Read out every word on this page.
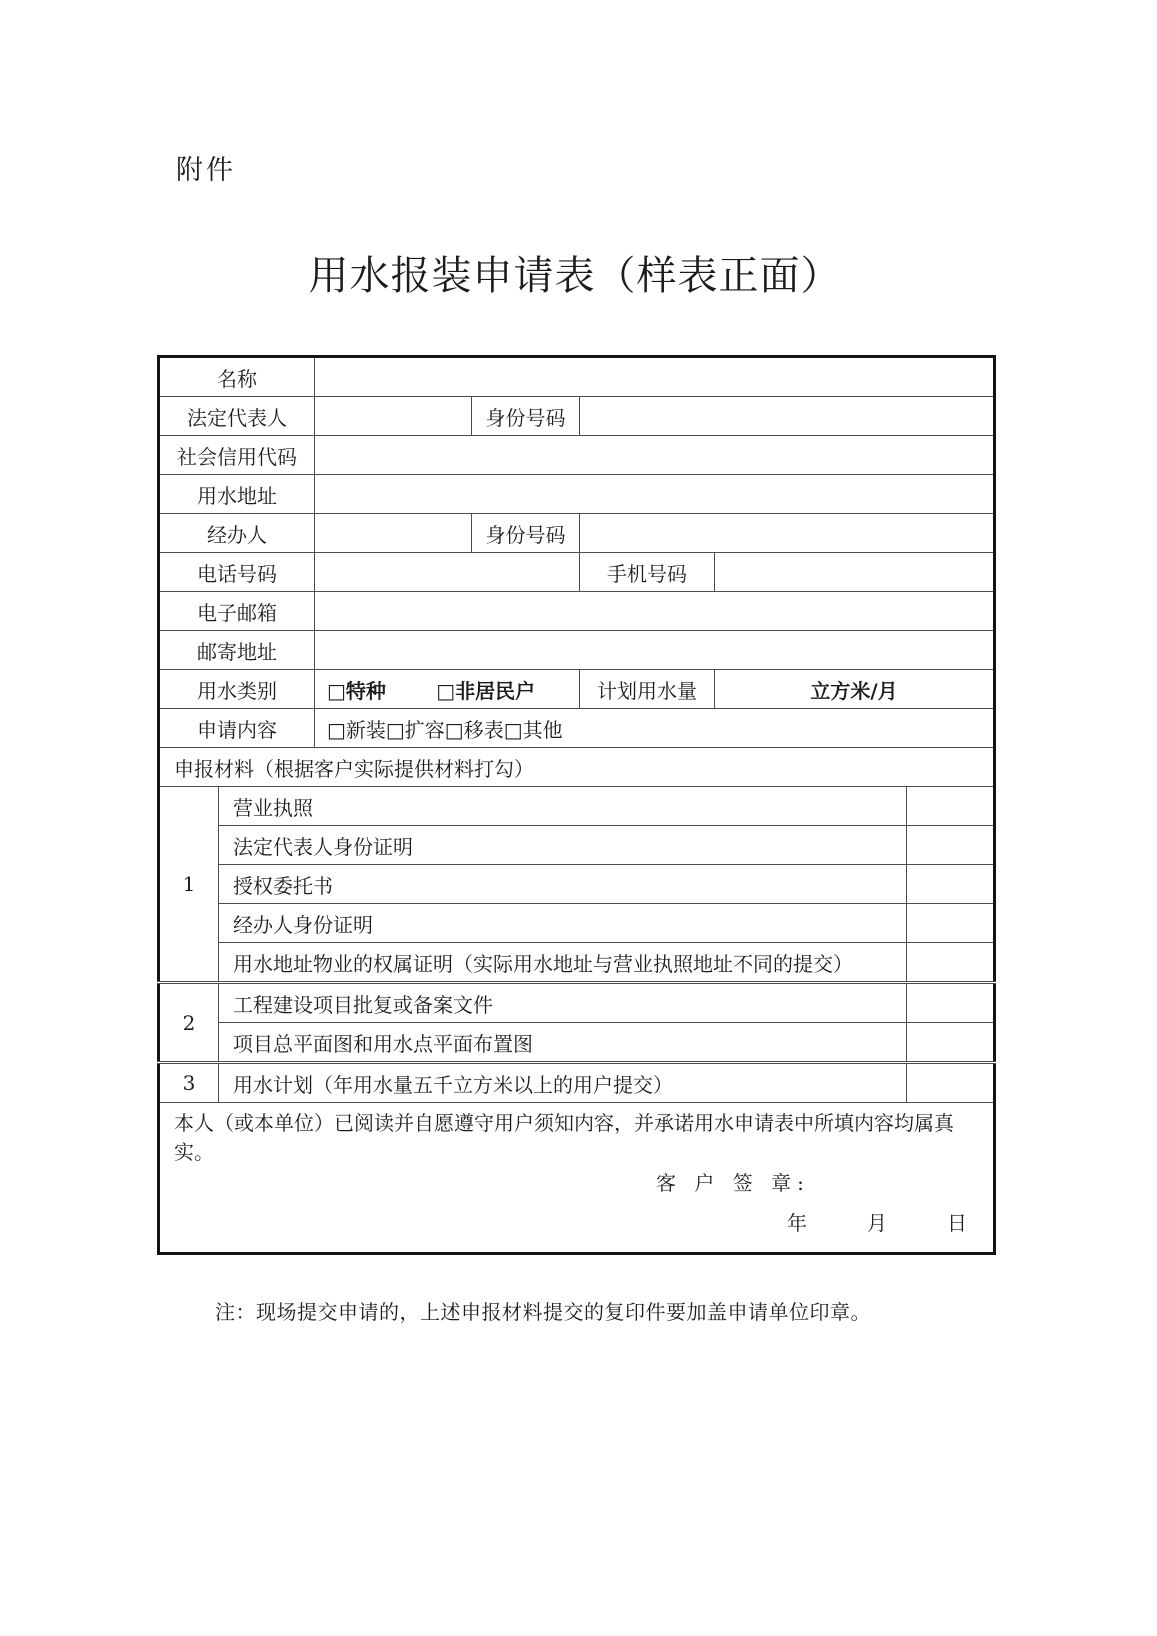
附件
用水报装申请表（样表正面）
名称						
法定代表人			身份号码			
社会信用代码						
用水地址						
经办人			身份号码			
电话号码				手机号码		
电子邮箱						
邮寄地址						
用水类别		□特种 □非居民户		计划用水量	立方米/月	
申请内容		□新装□扩容□移表□其他				
申报材料（根据客户实际提供材料打勾）						
1	营业执照					
	法定代表人身份证明					
	授权委托书					
	经办人身份证明					
	用水地址物业的权属证明（实际用水地址与营业执照地址不同的提交）					
2	工程建设项目批复或备案文件					
	项目总平面图和用水点平面布置图					
3	用水计划（年用水量五千立方米以上的用户提交）					

本人（或本单位）已阅读并自愿遵守用户须知内容，并承诺用水申请表中所填内容均属真实。
客 户 签 章:
年 月 日						
注：现场提交申请的，上述申报材料提交的复印件要加盖申请单位印章。
